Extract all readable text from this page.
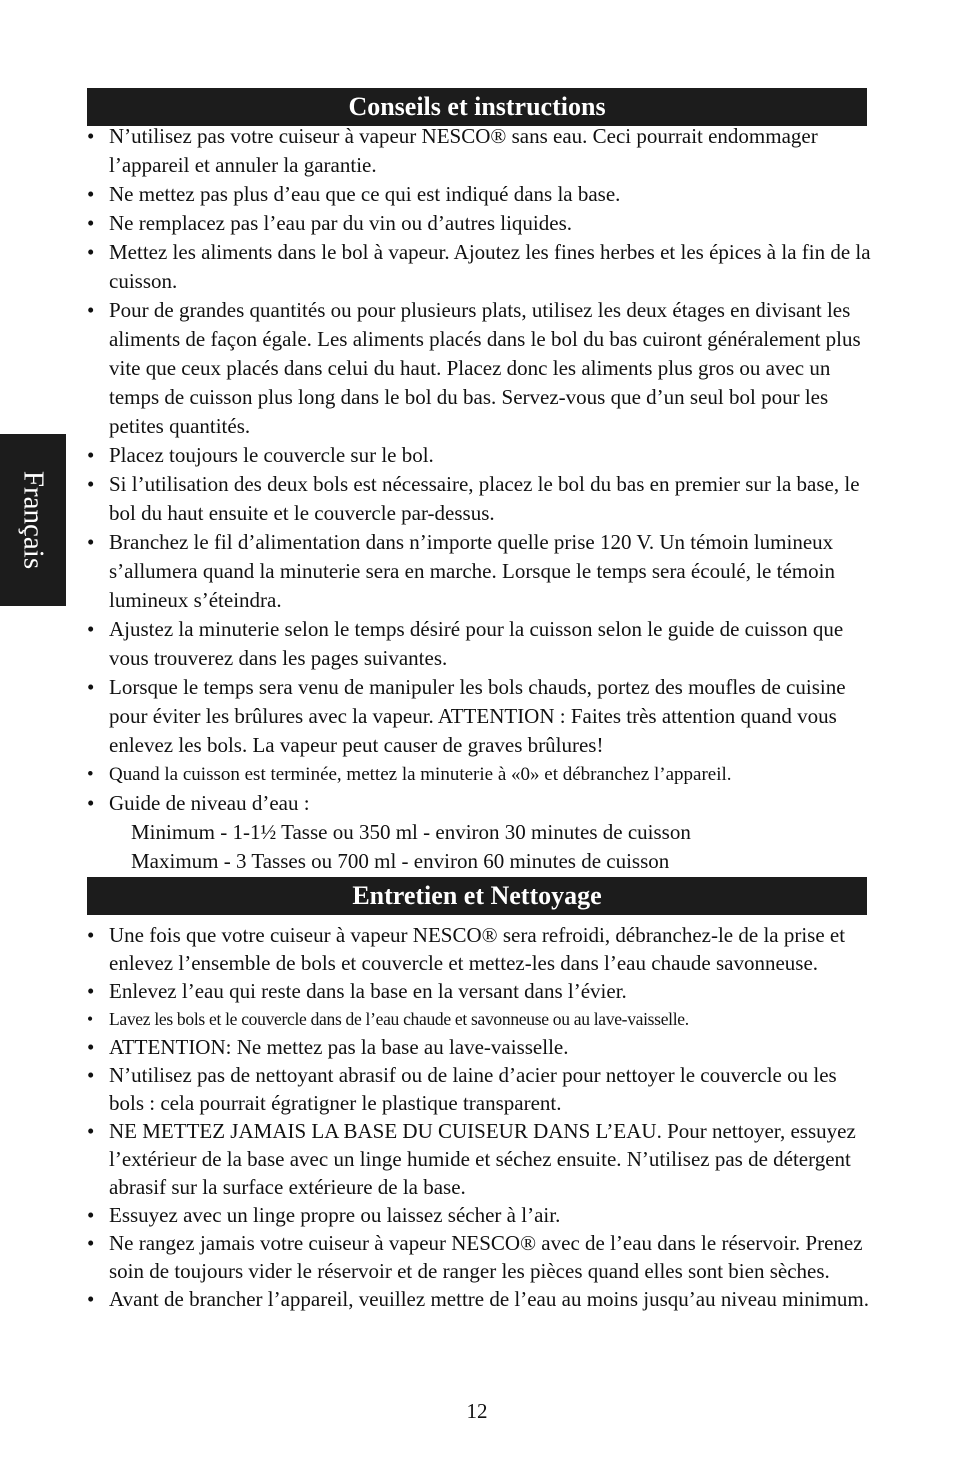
Français
Conseils et instructions
• N’utilisez pas votre cuiseur à vapeur NESCO® sans eau. Ceci pourrait endommager l’appareil et annuler la garantie.
• Ne mettez pas plus d’eau que ce qui est indiqué dans la base.
• Ne remplacez pas l’eau par du vin ou d’autres liquides.
• Mettez les aliments dans le bol à vapeur. Ajoutez les fines herbes et les épices à la fin de la cuisson.
• Pour de grandes quantités ou pour plusieurs plats, utilisez les deux étages en divisant les aliments de façon égale. Les aliments placés dans le bol du bas cuiront généralement plus vite que ceux placés dans celui du haut. Placez donc les aliments plus gros ou avec un temps de cuisson plus long dans le bol du bas. Servez-vous que d’un seul bol pour les petites quantités.
• Placez toujours le couvercle sur le bol.
• Si l’utilisation des deux bols est nécessaire, placez le bol du bas en premier sur la base, le bol du haut ensuite et le couvercle par-dessus.
• Branchez le fil d’alimentation dans n’importe quelle prise 120 V. Un témoin lumineux s’allumera quand la minuterie sera en marche. Lorsque le temps sera écoulé, le témoin lumineux s’éteindra.
• Ajustez la minuterie selon le temps désiré pour la cuisson selon le guide de cuisson que vous trouverez dans les pages suivantes.
• Lorsque le temps sera venu de manipuler les bols chauds, portez des moufles de cuisine pour éviter les brûlures avec la vapeur. ATTENTION : Faites très attention quand vous enlevez les bols. La vapeur peut causer de graves brûlures!
• Quand la cuisson est terminée, mettez la minuterie à «0» et débranchez l’appareil.
• Guide de niveau d’eau :
Minimum - 1-1½ Tasse ou 350 ml - environ 30 minutes de cuisson
Maximum - 3 Tasses ou 700 ml - environ 60 minutes de cuisson
Entretien et Nettoyage
• Une fois que votre cuiseur à vapeur NESCO® sera refroidi, débranchez-le de la prise et enlevez l’ensemble de bols et couvercle et mettez-les dans l’eau chaude savonneuse.
• Enlevez l’eau qui reste dans la base en la versant dans l’évier.
• Lavez les bols et le couvercle dans de l’eau chaude et savonneuse ou au lave-vaisselle.
• ATTENTION: Ne mettez pas la base au lave-vaisselle.
• N’utilisez pas de nettoyant abrasif ou de laine d’acier pour nettoyer le couvercle ou les bols : cela pourrait égratigner le plastique transparent.
• NE METTEZ JAMAIS LA BASE DU CUISEUR DANS L’EAU. Pour nettoyer, essuyez l’extérieur de la base avec un linge humide et séchez ensuite. N’utilisez pas de détergent abrasif sur la surface extérieure de la base.
• Essuyez avec un linge propre ou laissez sécher à l’air.
• Ne rangez jamais votre cuiseur à vapeur NESCO® avec de l’eau dans le réservoir. Prenez soin de toujours vider le réservoir et de ranger les pièces quand elles sont bien sèches.
• Avant de brancher l’appareil, veuillez mettre de l’eau au moins jusqu’au niveau minimum.
12
